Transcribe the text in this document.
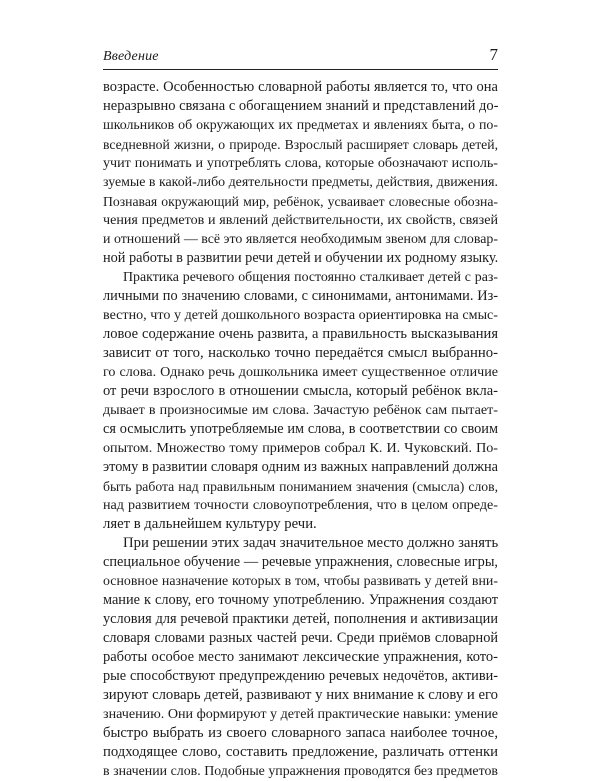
Введение	7
возрасте. Особенностью словарной работы является то, что она
неразрывно связана с обогащением знаний и представлений до-
школьников об окружающих их предметах и явлениях быта, о по-
вседневной жизни, о природе. Взрослый расширяет словарь детей,
учит понимать и употреблять слова, которые обозначают исполь-
зуемые в какой-либо деятельности предметы, действия, движения.
Познавая окружающий мир, ребёнок, усваивает словесные обозна-
чения предметов и явлений действительности, их свойств, связей
и отношений — всё это является необходимым звеном для словар-
ной работы в развитии речи детей и обучении их родному языку.
Практика речевого общения постоянно сталкивает детей с раз-
личными по значению словами, с синонимами, антонимами. Из-
вестно, что у детей дошкольного возраста ориентировка на смыс-
ловое содержание очень развита, а правильность высказывания
зависит от того, насколько точно передаётся смысл выбранно-
го слова. Однако речь дошкольника имеет существенное отличие
от речи взрослого в отношении смысла, который ребёнок вкла-
дывает в произносимые им слова. Зачастую ребёнок сам пытает-
ся осмыслить употребляемые им слова, в соответствии со своим
опытом. Множество тому примеров собрал К. И. Чуковский. По-
этому в развитии словаря одним из важных направлений должна
быть работа над правильным пониманием значения (смысла) слов,
над развитием точности словоупотребления, что в целом опреде-
ляет в дальнейшем культуру речи.
При решении этих задач значительное место должно занять
специальное обучение — речевые упражнения, словесные игры,
основное назначение которых в том, чтобы развивать у детей вни-
мание к слову, его точному употреблению. Упражнения создают
условия для речевой практики детей, пополнения и активизации
словаря словами разных частей речи. Среди приёмов словарной
работы особое место занимают лексические упражнения, кото-
рые способствуют предупреждению речевых недочётов, активи-
зируют словарь детей, развивают у них внимание к слову и его
значению. Они формируют у детей практические навыки: умение
быстро выбрать из своего словарного запаса наиболее точное,
подходящее слово, составить предложение, различать оттенки
в значении слов. Подобные упражнения проводятся без предметов
